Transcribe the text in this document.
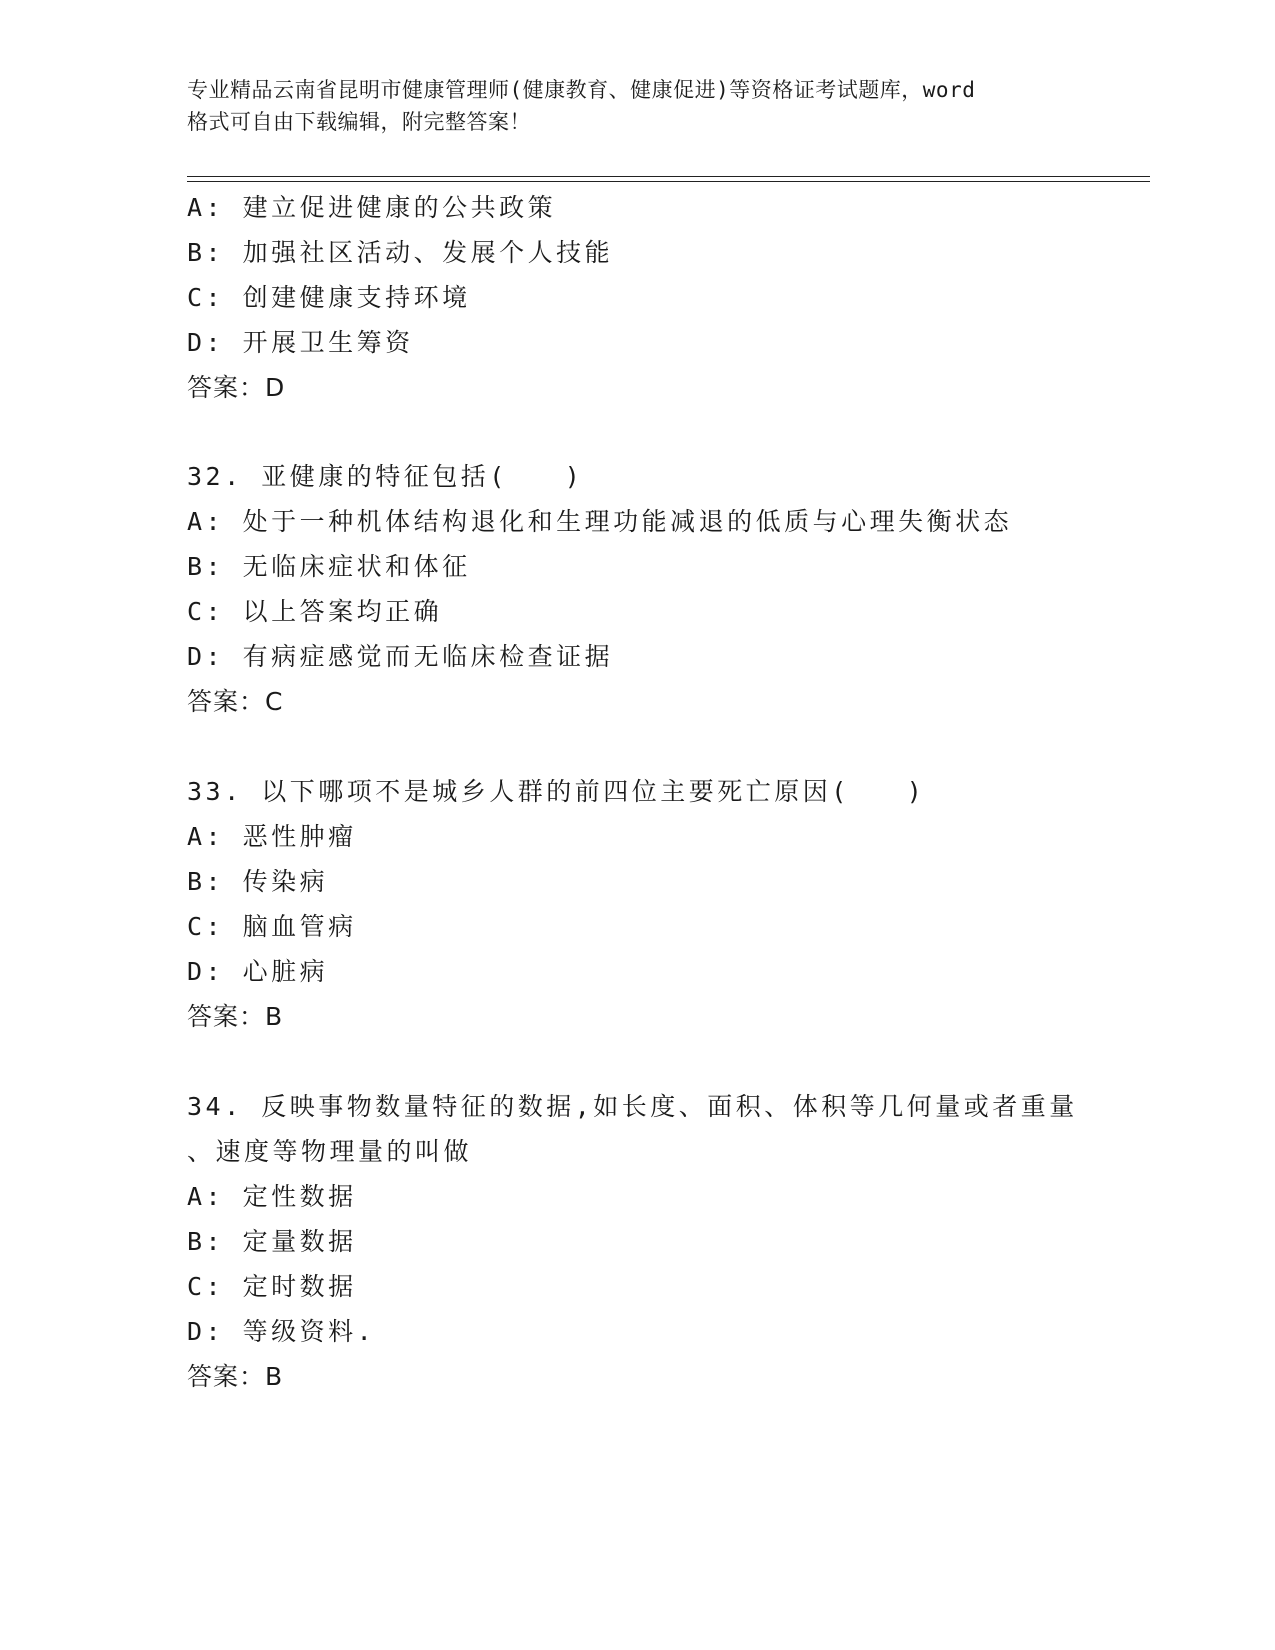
专业精品云南省昆明市健康管理师(健康教育、健康促进)等资格证考试题库，word
格式可自由下载编辑，附完整答案！
A: 建立促进健康的公共政策
B: 加强社区活动、发展个人技能
C: 创建健康支持环境
D: 开展卫生筹资
答案：D
32. 亚健康的特征包括(　　)
A: 处于一种机体结构退化和生理功能减退的低质与心理失衡状态
B: 无临床症状和体征
C: 以上答案均正确
D: 有病症感觉而无临床检查证据
答案：C
33. 以下哪项不是城乡人群的前四位主要死亡原因(　　)
A: 恶性肿瘤
B: 传染病
C: 脑血管病
D: 心脏病
答案：B
34. 反映事物数量特征的数据,如长度、面积、体积等几何量或者重量
、速度等物理量的叫做
A: 定性数据
B: 定量数据
C: 定时数据
D: 等级资料.
答案：B
